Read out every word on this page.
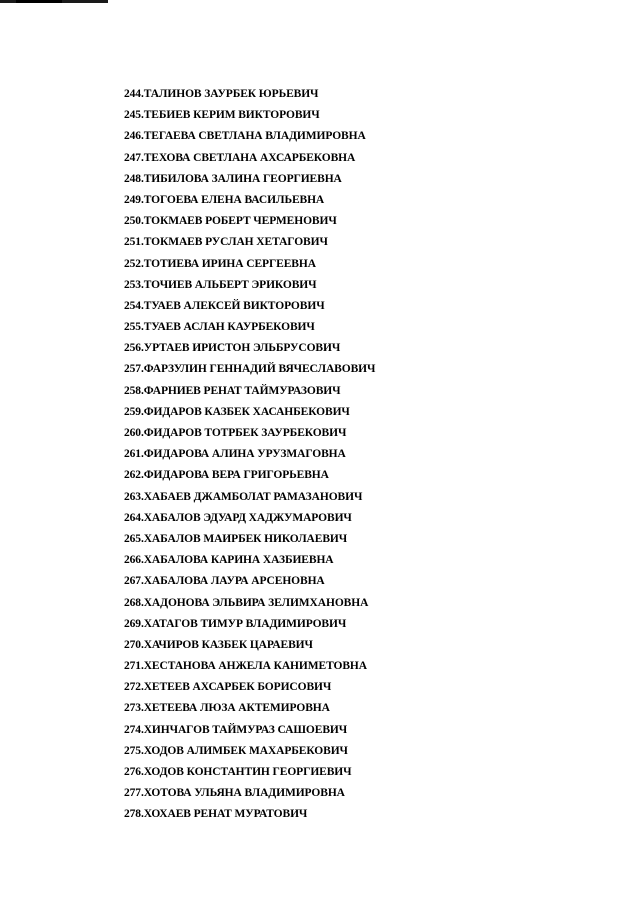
244.ТАЛИНОВ ЗАУРБЕК ЮРЬЕВИЧ
245.ТЕБИЕВ КЕРИМ ВИКТОРОВИЧ
246.ТЕГАЕВА СВЕТЛАНА ВЛАДИМИРОВНА
247.ТЕХОВА СВЕТЛАНА АХСАРБЕКОВНА
248.ТИБИЛОВА ЗАЛИНА ГЕОРГИЕВНА
249.ТОГОЕВА ЕЛЕНА ВАСИЛЬЕВНА
250.ТОКМАЕВ РОБЕРТ ЧЕРМЕНОВИЧ
251.ТОКМАЕВ РУСЛАН ХЕТАГОВИЧ
252.ТОТИЕВА ИРИНА СЕРГЕЕВНА
253.ТОЧИЕВ АЛЬБЕРТ ЭРИКОВИЧ
254.ТУАЕВ АЛЕКСЕЙ ВИКТОРОВИЧ
255.ТУАЕВ АСЛАН КАУРБЕКОВИЧ
256.УРТАЕВ ИРИСТОН ЭЛЬБРУСОВИЧ
257.ФАРЗУЛИН ГЕННАДИЙ ВЯЧЕСЛАВОВИЧ
258.ФАРНИЕВ РЕНАТ ТАЙМУРАЗОВИЧ
259.ФИДАРОВ КАЗБЕК ХАСАНБЕКОВИЧ
260.ФИДАРОВ ТОТРБЕК ЗАУРБЕКОВИЧ
261.ФИДАРОВА АЛИНА УРУЗМАГОВНА
262.ФИДАРОВА ВЕРА ГРИГОРЬЕВНА
263.ХАБАЕВ ДЖАМБОЛАТ РАМАЗАНОВИЧ
264.ХАБАЛОВ ЭДУАРД ХАДЖУМАРОВИЧ
265.ХАБАЛОВ МАИРБЕК НИКОЛАЕВИЧ
266.ХАБАЛОВА КАРИНА ХАЗБИЕВНА
267.ХАБАЛОВА ЛАУРА АРСЕНОВНА
268.ХАДОНОВА ЭЛЬВИРА ЗЕЛИМХАНОВНА
269.ХАТАГОВ ТИМУР ВЛАДИМИРОВИЧ
270.ХАЧИРОВ КАЗБЕК ЦАРАЕВИЧ
271.ХЕСТАНОВА АНЖЕЛА КАНИМЕТОВНА
272.ХЕТЕЕВ АХСАРБЕК БОРИСОВИЧ
273.ХЕТЕЕВА ЛЮЗА АКТЕМИРОВНА
274.ХИНЧАГОВ ТАЙМУРАЗ САШОЕВИЧ
275.ХОДОВ АЛИМБЕК МАХАРБЕКОВИЧ
276.ХОДОВ КОНСТАНТИН ГЕОРГИЕВИЧ
277.ХОТОВА УЛЬЯНА ВЛАДИМИРОВНА
278.ХОХАЕВ РЕНАТ МУРАТОВИЧ
